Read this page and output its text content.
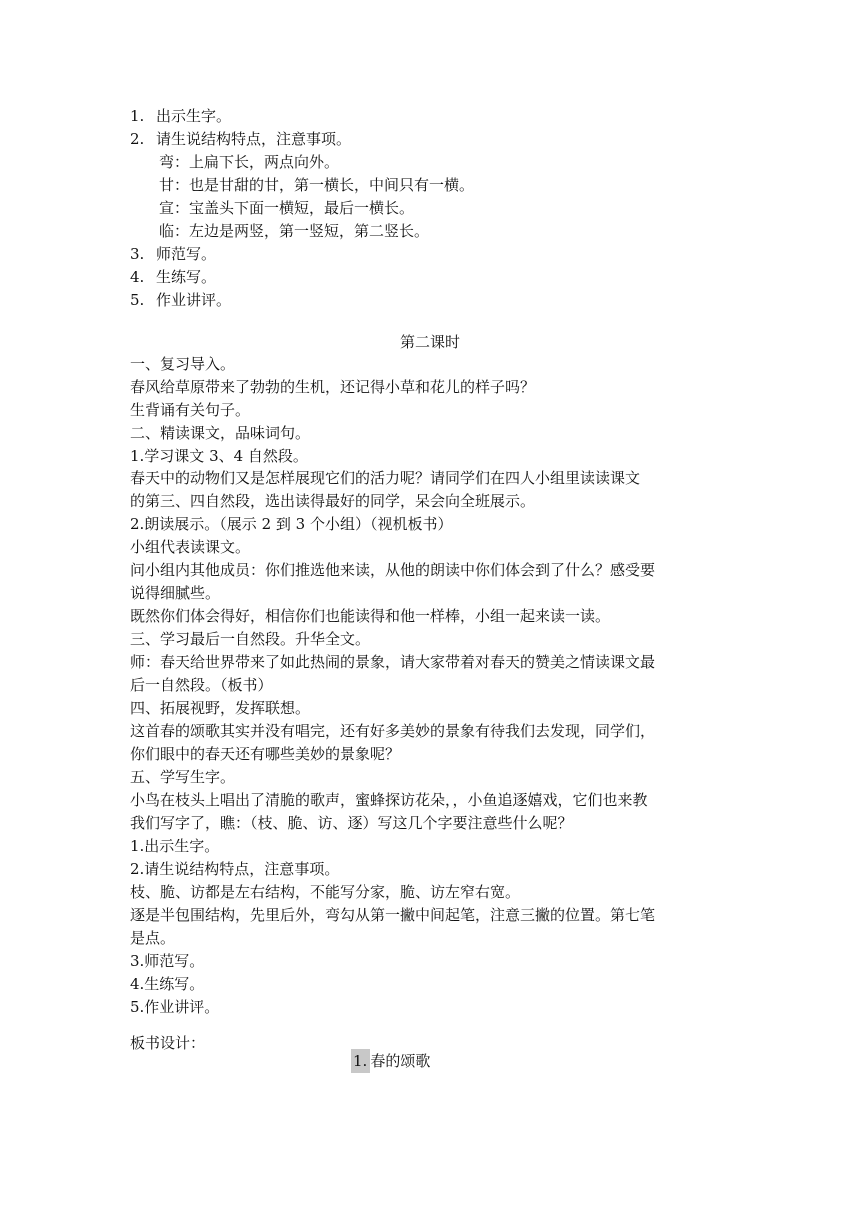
1. 出示生字。
2. 请生说结构特点，注意事项。
弯：上扁下长，两点向外。
甘：也是甘甜的甘，第一横长，中间只有一横。
宣：宝盖头下面一横短，最后一横长。
临：左边是两竖，第一竖短，第二竖长。
3. 师范写。
4. 生练写。
5. 作业讲评。
第二课时
一、复习导入。
春风给草原带来了勃勃的生机，还记得小草和花儿的样子吗？
生背诵有关句子。
二、精读课文，品味词句。
1.学习课文 3、4 自然段。
春天中的动物们又是怎样展现它们的活力呢？请同学们在四人小组里读读课文
的第三、四自然段，选出读得最好的同学，呆会向全班展示。
2.朗读展示。（展示 2 到 3 个小组）（视机板书）
小组代表读课文。
问小组内其他成员：你们推选他来读，从他的朗读中你们体会到了什么？感受要
说得细腻些。
既然你们体会得好，相信你们也能读得和他一样棒，小组一起来读一读。
三、学习最后一自然段。升华全文。
师：春天给世界带来了如此热闹的景象，请大家带着对春天的赞美之情读课文最
后一自然段。（板书）
四、拓展视野，发挥联想。
这首春的颂歌其实并没有唱完，还有好多美妙的景象有待我们去发现，同学们，
你们眼中的春天还有哪些美妙的景象呢？
五、学写生字。
小鸟在枝头上唱出了清脆的歌声，蜜蜂探访花朵，，小鱼追逐嬉戏，它们也来教
我们写字了，瞧：（枝、脆、访、逐）写这几个字要注意些什么呢？
1.出示生字。
2.请生说结构特点，注意事项。
枝、脆、访都是左右结构，不能写分家，脆、访左窄右宽。
逐是半包围结构，先里后外，弯勾从第一撇中间起笔，注意三撇的位置。第七笔
是点。
3.师范写。
4.生练写。
5.作业讲评。
板书设计：
1. 春的颂歌
